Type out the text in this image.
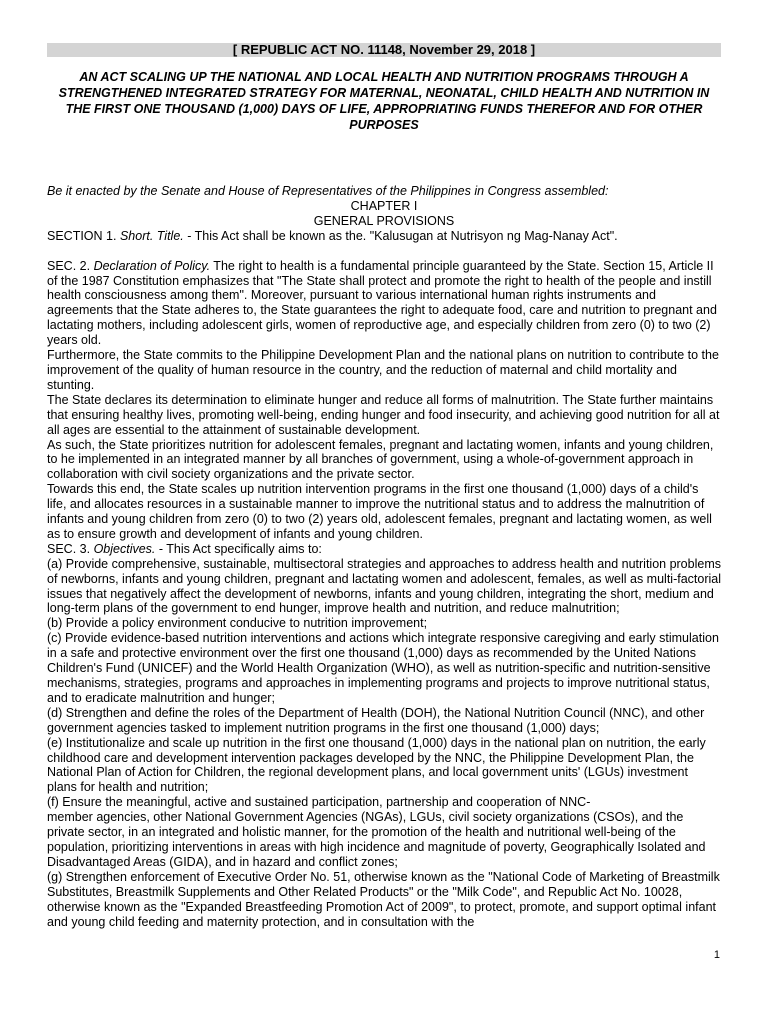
[ REPUBLIC ACT NO. 11148, November 29, 2018 ]

AN ACT SCALING UP THE NATIONAL AND LOCAL HEALTH AND NUTRITION PROGRAMS THROUGH A STRENGTHENED INTEGRATED STRATEGY FOR MATERNAL, NEONATAL, CHILD HEALTH AND NUTRITION IN THE FIRST ONE THOUSAND (1,000) DAYS OF LIFE, APPROPRIATING FUNDS THEREFOR AND FOR OTHER PURPOSES

Be it enacted by the Senate and House of Representatives of the Philippines in Congress assembled:

CHAPTER I

GENERAL PROVISIONS

SECTION 1. Short. Title. - This Act shall be known as the. "Kalusugan at Nutrisyon ng Mag-Nanay Act".

SEC. 2. Declaration of Policy. The right to health is a fundamental principle guaranteed by the State. Section 15, Article II of the 1987 Constitution emphasizes that "The State shall protect and promote the right to health of the people and instill health consciousness among them". Moreover, pursuant to various international human rights instruments and agreements that the State adheres to, the State guarantees the right to adequate food, care and nutrition to pregnant and lactating mothers, including adolescent girls, women of reproductive age, and especially children from zero (0) to two (2) years old.

Furthermore, the State commits to the Philippine Development Plan and the national plans on nutrition to contribute to the improvement of the quality of human resource in the country, and the reduction of maternal and child mortality and stunting.

The State declares its determination to eliminate hunger and reduce all forms of malnutrition. The State further maintains that ensuring healthy lives, promoting well-being, ending hunger and food insecurity, and achieving good nutrition for all at all ages are essential to the attainment of sustainable development.

As such, the State prioritizes nutrition for adolescent females, pregnant and lactating women, infants and young children, to he implemented in an integrated manner by all branches of government, using a whole-of-government approach in collaboration with civil society organizations and the private sector.

Towards this end, the State scales up nutrition intervention programs in the first one thousand (1,000) days of a child's life, and allocates resources in a sustainable manner to improve the nutritional status and to address the malnutrition of infants and young children from zero (0) to two (2) years old, adolescent females, pregnant and lactating women, as well as to ensure growth and development of infants and young children.

SEC. 3. Objectives. - This Act specifically aims to:

(a) Provide comprehensive, sustainable, multisectoral strategies and approaches to address health and nutrition problems of newborns, infants and young children, pregnant and lactating women and adolescent, females, as well as multi-factorial issues that negatively affect the development of newborns, infants and young children, integrating the short, medium and long-term plans of the government to end hunger, improve health and nutrition, and reduce malnutrition;

(b) Provide a policy environment conducive to nutrition improvement;

(c) Provide evidence-based nutrition interventions and actions which integrate responsive caregiving and early stimulation in a safe and protective environment over the first one thousand (1,000) days as recommended by the United Nations Children's Fund (UNICEF) and the World Health Organization (WHO), as well as nutrition-specific and nutrition-sensitive mechanisms, strategies, programs and approaches in implementing programs and projects to improve nutritional status, and to eradicate malnutrition and hunger;

(d) Strengthen and define the roles of the Department of Health (DOH), the National Nutrition Council (NNC), and other government agencies tasked to implement nutrition programs in the first one thousand (1,000) days;

(e) Institutionalize and scale up nutrition in the first one thousand (1,000) days in the national plan on nutrition, the early childhood care and development intervention packages developed by the NNC, the Philippine Development Plan, the National Plan of Action for Children, the regional development plans, and local government units' (LGUs) investment plans for health and nutrition;

(f) Ensure the meaningful, active and sustained participation, partnership and cooperation of NNC-

member agencies, other National Government Agencies (NGAs), LGUs, civil society organizations (CSOs), and the private sector, in an integrated and holistic manner, for the promotion of the health and nutritional well-being of the population, prioritizing interventions in areas with high incidence and magnitude of poverty, Geographically Isolated and Disadvantaged Areas (GIDA), and in hazard and conflict zones;

(g) Strengthen enforcement of Executive Order No. 51, otherwise known as the "National Code of Marketing of Breastmilk Substitutes, Breastmilk Supplements and Other Related Products" or the "Milk Code", and Republic Act No. 10028, otherwise known as the "Expanded Breastfeeding Promotion Act of 2009", to protect, promote, and support optimal infant and young child feeding and maternity protection, and in consultation with the

1
